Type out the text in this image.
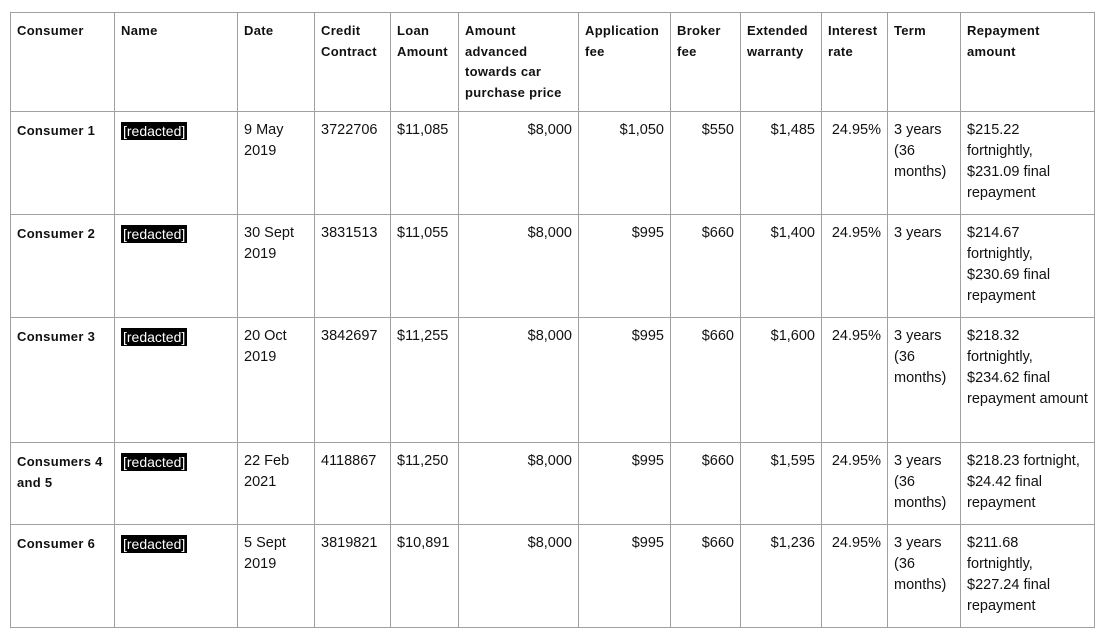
Consumer	Name	Date	Credit Contract	Loan Amount	Amount advanced towards car purchase price	Application fee	Broker fee	Extended warranty	Interest rate	Term	Repayment amount
Consumer 1	[redacted]	9 May 2019	3722706	$11,085	$8,000	$1,050	$550	$1,485	24.95%	3 years (36 months)	$215.22 fortnightly, $231.09 final repayment
Consumer 2	[redacted]	30 Sept 2019	3831513	$11,055	$8,000	$995	$660	$1,400	24.95%	3 years	$214.67 fortnightly, $230.69 final repayment
Consumer 3	[redacted]	20 Oct 2019	3842697	$11,255	$8,000	$995	$660	$1,600	24.95%	3 years (36 months)	$218.32 fortnightly, $234.62 final repayment amount
Consumers 4 and 5	[redacted]	22 Feb 2021	4118867	$11,250	$8,000	$995	$660	$1,595	24.95%	3 years (36 months)	$218.23 fortnight, $24.42 final repayment
Consumer 6	[redacted]	5 Sept 2019	3819821	$10,891	$8,000	$995	$660	$1,236	24.95%	3 years (36 months)	$211.68 fortnightly, $227.24 final repayment
